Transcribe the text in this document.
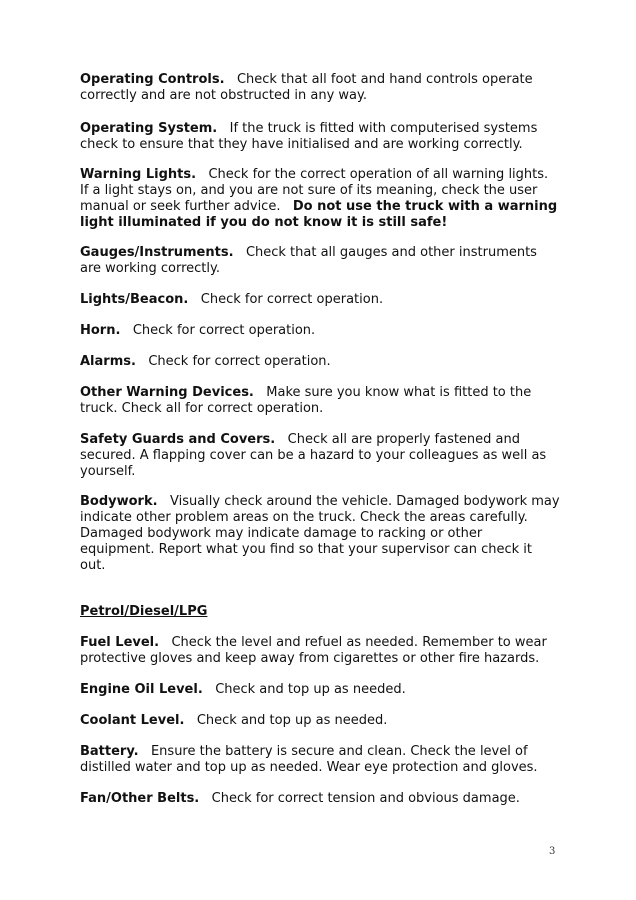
Operating Controls. Check that all foot and hand controls operate correctly and are not obstructed in any way.

Operating System. If the truck is fitted with computerised systems check to ensure that they have initialised and are working correctly.

Warning Lights. Check for the correct operation of all warning lights. If a light stays on, and you are not sure of its meaning, check the user manual or seek further advice. Do not use the truck with a warning light illuminated if you do not know it is still safe!

Gauges/Instruments. Check that all gauges and other instruments are working correctly.

Lights/Beacon. Check for correct operation.

Horn. Check for correct operation.

Alarms. Check for correct operation.

Other Warning Devices. Make sure you know what is fitted to the truck. Check all for correct operation.

Safety Guards and Covers. Check all are properly fastened and secured. A flapping cover can be a hazard to your colleagues as well as yourself.

Bodywork. Visually check around the vehicle. Damaged bodywork may indicate other problem areas on the truck. Check the areas carefully. Damaged bodywork may indicate damage to racking or other equipment. Report what you find so that your supervisor can check it out.

Petrol/Diesel/LPG

Fuel Level. Check the level and refuel as needed. Remember to wear protective gloves and keep away from cigarettes or other fire hazards.

Engine Oil Level. Check and top up as needed.

Coolant Level. Check and top up as needed.

Battery. Ensure the battery is secure and clean. Check the level of distilled water and top up as needed. Wear eye protection and gloves.

Fan/Other Belts. Check for correct tension and obvious damage.

3
